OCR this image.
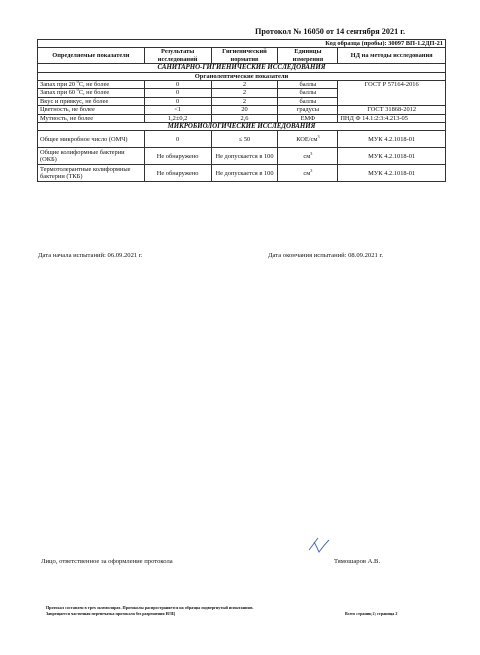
Протокол № 16050 от 14 сентября 2021 г.
Код образца (пробы): 30097 ВП-1.2ДП-21				
Определяемые показатели	Результаты исследований	Гигиенический норматив	Единицы измерения	НД на методы исследования
САНИТАРНО-ГИГИЕНИЧЕСКИЕ ИССЛЕДОВАНИЯ				
Органолептические показатели				
Запах при 20 $^0$С, не более	0	2	баллы	ГОСТ Р 57164-2016
Запах при 60 $^0$С, не более	0	2	баллы	
Вкус и привкус, не более	0	2	баллы	
Цветность, не более	<1	20	градусы	ГОСТ 31868-2012
Мутность, не более	1,2±0,2	2,6	ЕМФ	ПНД Ф 14.1:2:3:4.213-05
МИКРОБИОЛОГИЧЕСКИЕ ИССЛЕДОВАНИЯ				
Общее микробное число (ОМЧ)	0	≤ 50	КОЕ/$см^3$	МУК 4.2.1018-01
Общие колиформные бактерии (ОКБ)	Не обнаружено	Не допускается в 100	$см^3$	МУК 4.2.1018-01
Термотолерантные колиформные бактерии (ТКБ)	Не обнаружено	Не допускается в 100	$см^3$	МУК 4.2.1018-01
Дата начала испытаний: 06.09.2021 г.	Дата окончания испытаний: 08.09.2021 г.
Лицо, ответственное за оформление протокола	Тямошаров А.В.
Протокол составлен в трех экземплярах. Протоколы распространяется на образцы подвергнутый испытаниям.
Запрещается частичная перепечатка протокола без разрешения ИЛЦ	Всего страниц 2; страница 2
